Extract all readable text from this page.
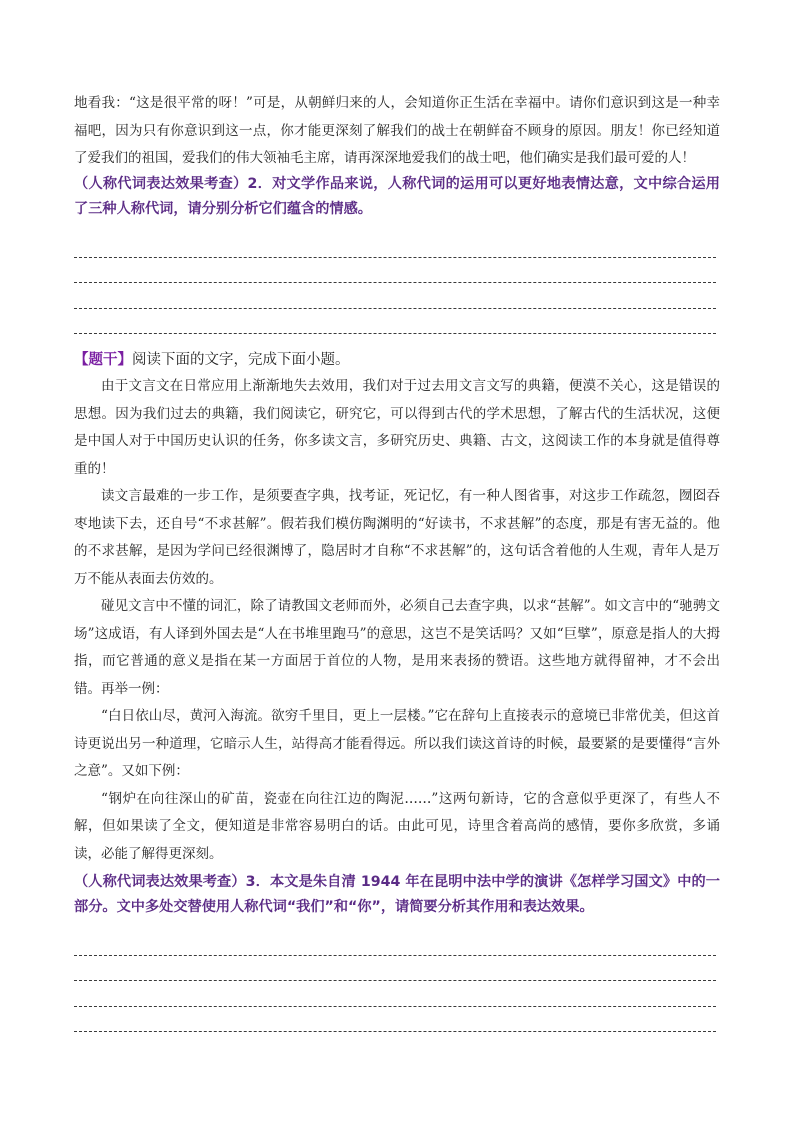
地看我：“这是很平常的呀！”可是，从朝鲜归来的人，会知道你正生活在幸福中。请你们意识到这是一种幸福吧，因为只有你意识到这一点，你才能更深刻了解我们的战士在朝鲜奋不顾身的原因。朋友！你已经知道了爱我们的祖国，爱我们的伟大领袖毛主席，请再深深地爱我们的战士吧，他们确实是我们最可爱的人！

（人称代词表达效果考查）2．对文学作品来说，人称代词的运用可以更好地表情达意，文中综合运用了三种人称代词，请分别分析它们蕴含的情感。

【题干】阅读下面的文字，完成下面小题。

由于文言文在日常应用上渐渐地失去效用，我们对于过去用文言文写的典籍，便漠不关心，这是错误的思想。因为我们过去的典籍，我们阅读它，研究它，可以得到古代的学术思想，了解古代的生活状况，这便是中国人对于中国历史认识的任务，你多读文言，多研究历史、典籍、古文，这阅读工作的本身就是值得尊重的！

读文言最难的一步工作，是须要查字典，找考证，死记忆，有一种人图省事，对这步工作疏忽，囫囵吞枣地读下去，还自号“不求甚解”。假若我们模仿陶渊明的“好读书，不求甚解”的态度，那是有害无益的。他的不求甚解，是因为学问已经很渊博了，隐居时才自称“不求甚解”的，这句话含着他的人生观，青年人是万万不能从表面去仿效的。

碰见文言中不懂的词汇，除了请教国文老师而外，必须自己去查字典，以求“甚解”。如文言中的“驰骋文场”这成语，有人译到外国去是“人在书堆里跑马”的意思，这岂不是笑话吗？又如“巨擘”，原意是指人的大拇指，而它普通的意义是指在某一方面居于首位的人物，是用来表扬的赞语。这些地方就得留神，才不会出错。再举一例：

“白日依山尽，黄河入海流。欲穷千里目，更上一层楼。”它在辞句上直接表示的意境已非常优美，但这首诗更说出另一种道理，它暗示人生，站得高才能看得远。所以我们读这首诗的时候，最要紧的是要懂得“言外之意”。又如下例：

“钢炉在向往深山的矿苗，瓷壶在向往江边的陶泥……”这两句新诗，它的含意似乎更深了，有些人不解，但如果读了全文，便知道是非常容易明白的话。由此可见，诗里含着高尚的感情，要你多欣赏，多诵读，必能了解得更深刻。

（人称代词表达效果考查）3．本文是朱自清 1944 年在昆明中法中学的演讲《怎样学习国文》中的一部分。文中多处交替使用人称代词“我们”和“你”，请简要分析其作用和表达效果。
